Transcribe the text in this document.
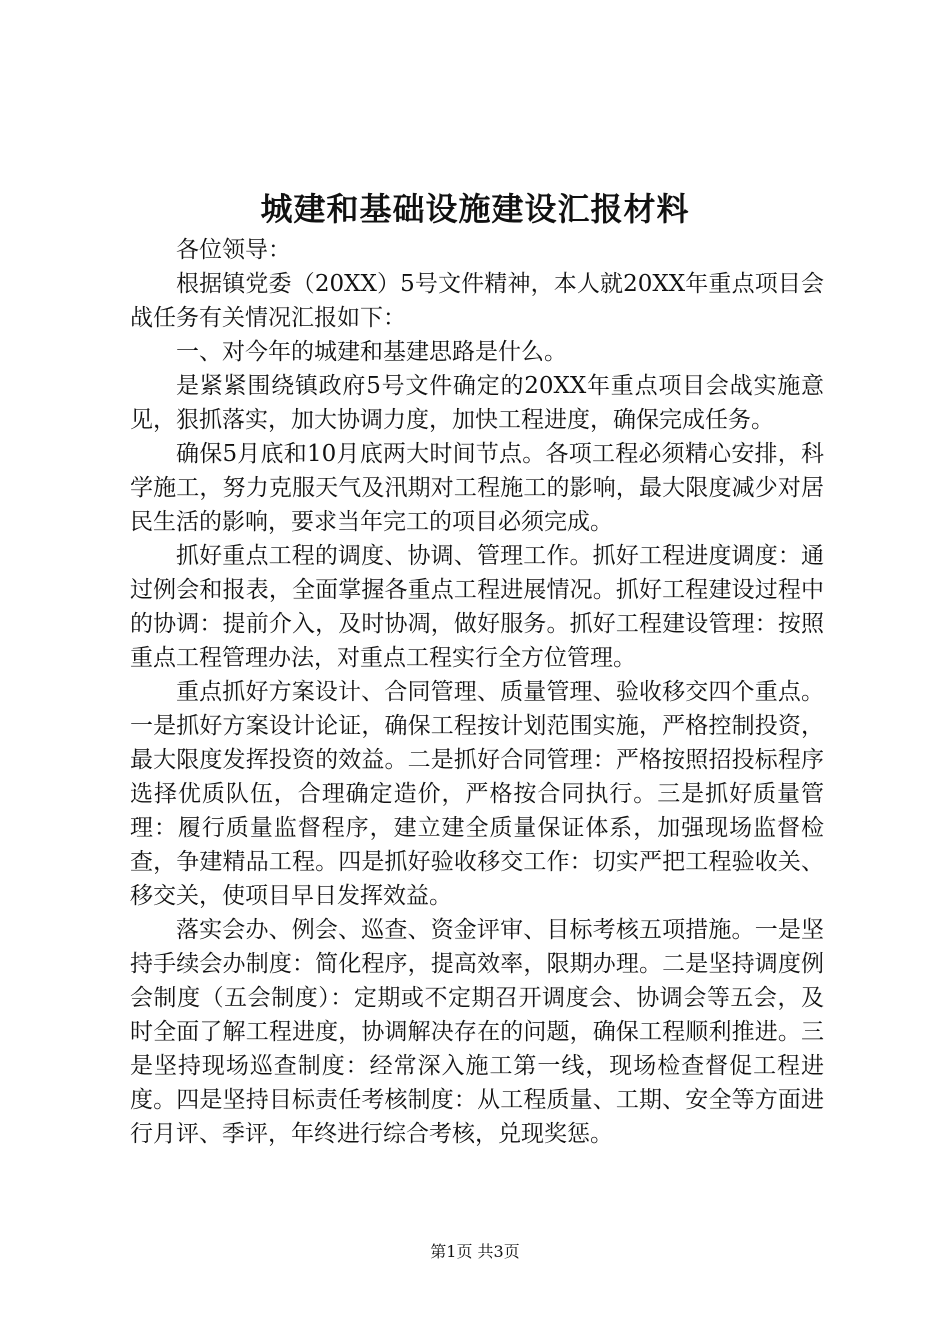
城建和基础设施建设汇报材料

各位领导：

根据镇党委（20XX）5号文件精神，本人就20XX年重点项目会战任务有关情况汇报如下：

一、对今年的城建和基建思路是什么。

是紧紧围绕镇政府5号文件确定的20XX年重点项目会战实施意见，狠抓落实，加大协调力度，加快工程进度，确保完成任务。

确保5月底和10月底两大时间节点。各项工程必须精心安排，科学施工，努力克服天气及汛期对工程施工的影响，最大限度减少对居民生活的影响，要求当年完工的项目必须完成。

抓好重点工程的调度、协调、管理工作。抓好工程进度调度：通过例会和报表，全面掌握各重点工程进展情况。抓好工程建设过程中的协调：提前介入，及时协凋，做好服务。抓好工程建设管理：按照重点工程管理办法，对重点工程实行全方位管理。

重点抓好方案设计、合同管理、质量管理、验收移交四个重点。一是抓好方案设计论证，确保工程按计划范围实施，严格控制投资，最大限度发挥投资的效益。二是抓好合同管理：严格按照招投标程序选择优质队伍，合理确定造价，严格按合同执行。三是抓好质量管理：履行质量监督程序，建立建全质量保证体系，加强现场监督检查，争建精品工程。四是抓好验收移交工作：切实严把工程验收关、移交关，使项目早日发挥效益。

落实会办、例会、巡查、资金评审、目标考核五项措施。一是坚持手续会办制度：简化程序，提高效率，限期办理。二是坚持调度例会制度（五会制度）：定期或不定期召开调度会、协调会等五会，及时全面了解工程进度，协调解决存在的问题，确保工程顺利推进。三是坚持现场巡查制度：经常深入施工第一线，现场检查督促工程进度。四是坚持目标责任考核制度：从工程质量、工期、安全等方面进行月评、季评，年终进行综合考核，兑现奖惩。

第1页 共3页
